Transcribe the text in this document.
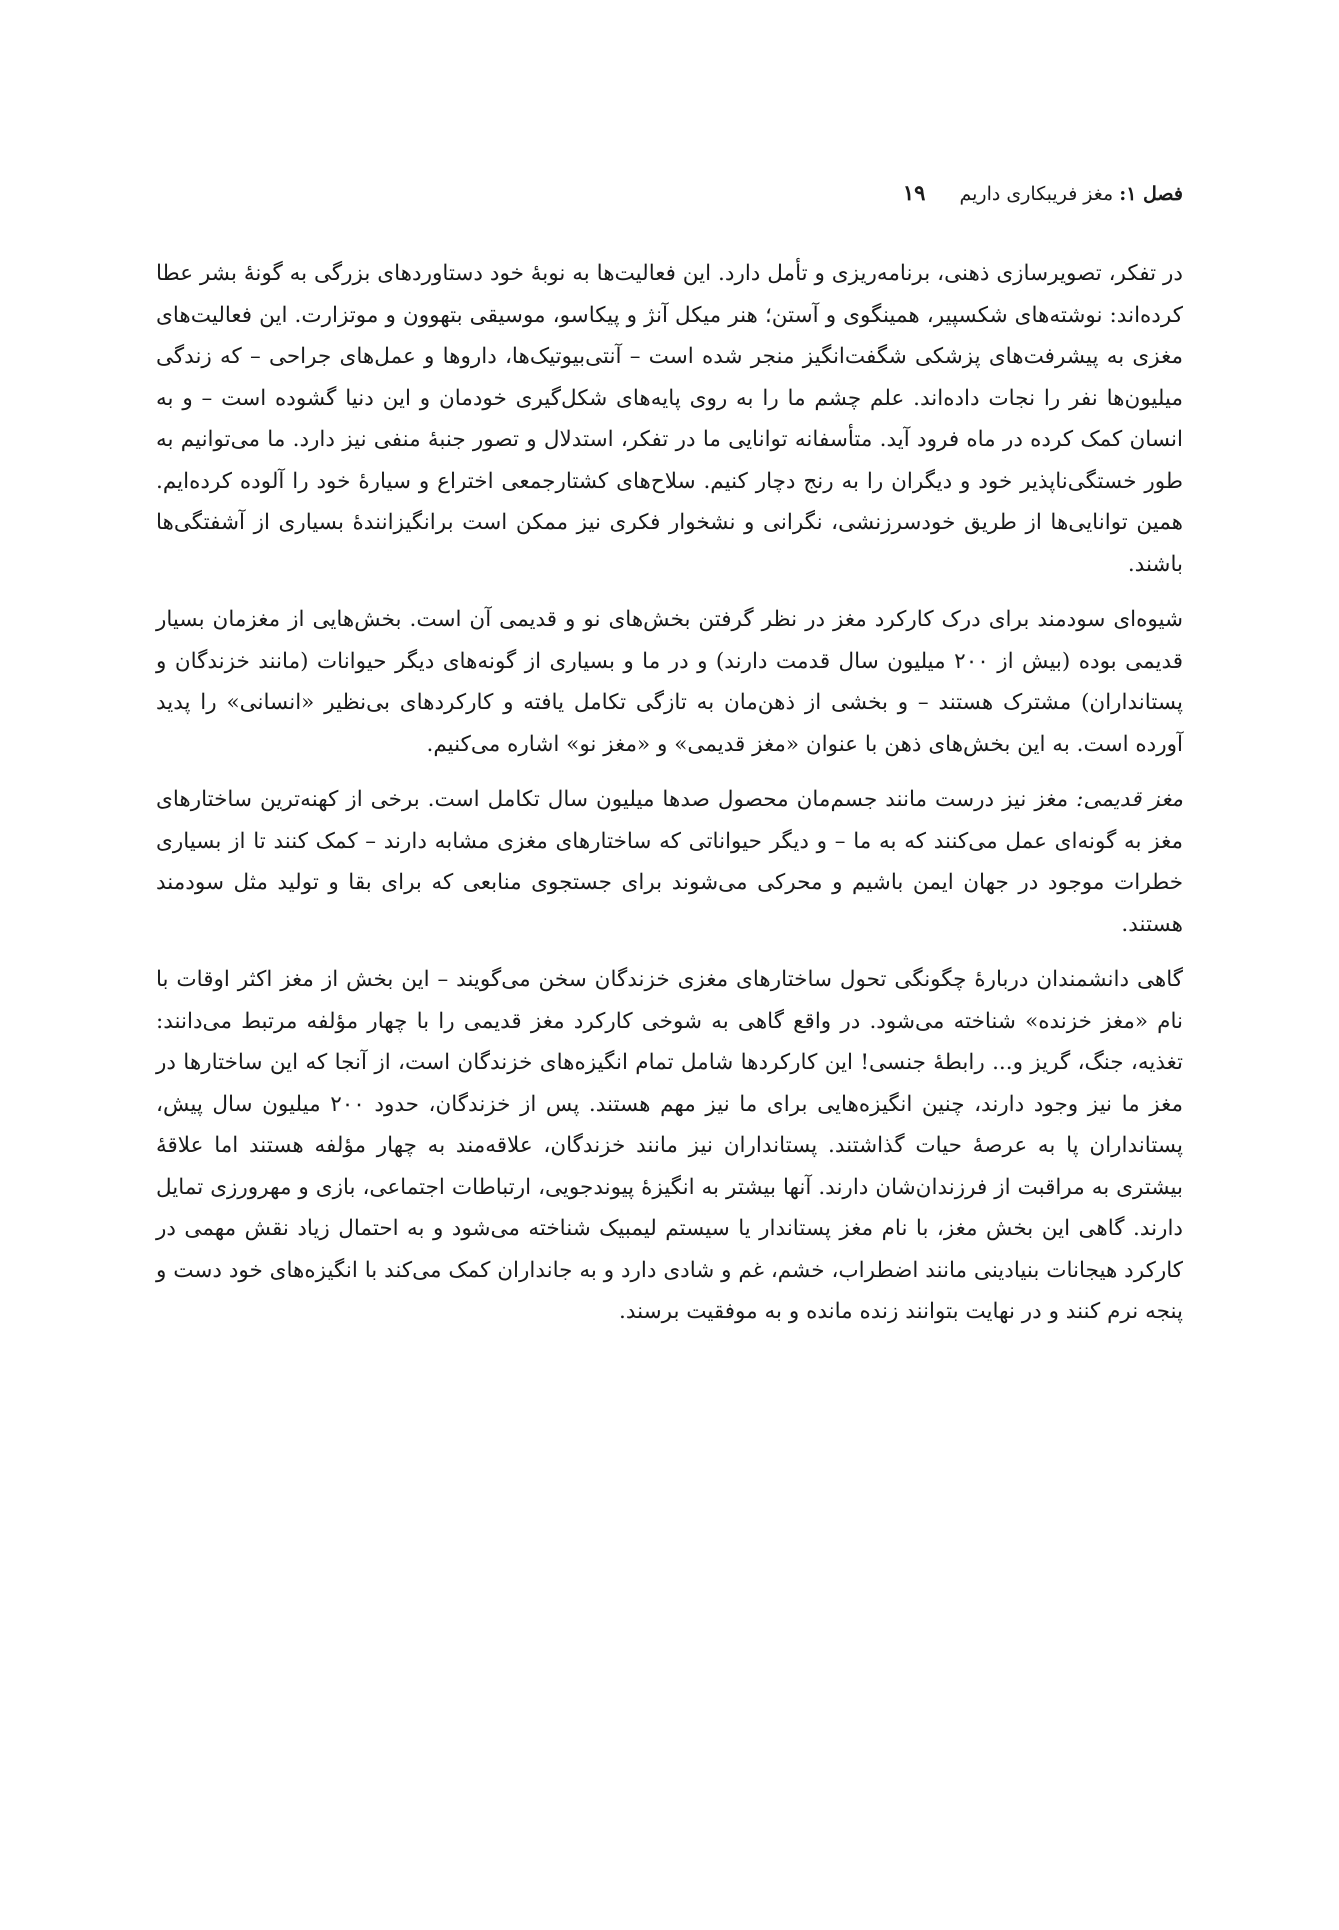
فصل ۱: مغز فریبکاری داریم
۱۹

در تفکر، تصویرسازی ذهنی، برنامه‌ریزی و تأمل دارد. این فعالیت‌ها به نوبهٔ خود دستاوردهای بزرگی به گونهٔ بشر عطا کرده‌اند: نوشته‌های شکسپیر، همینگوی و آستن؛ هنر میکل آنژ و پیکاسو، موسیقی بتهوون و موتزارت. این فعالیت‌های مغزی به پیشرفت‌های پزشکی شگفت‌انگیز منجر شده است – آنتی‌بیوتیک‌ها، داروها و عمل‌های جراحی – که زندگی میلیون‌ها نفر را نجات داده‌اند. علم چشم ما را به روی پایه‌های شکل‌گیری خودمان و این دنیا گشوده است – و به انسان کمک کرده در ماه فرود آید. متأسفانه توانایی ما در تفکر، استدلال و تصور جنبهٔ منفی نیز دارد. ما می‌توانیم به طور خستگی‌ناپذیر خود و دیگران را به رنج دچار کنیم. سلاح‌های کشتارجمعی اختراع و سیارهٔ خود را آلوده کرده‌ایم. همین توانایی‌ها از طریق خودسرزنشی، نگرانی و نشخوار فکری نیز ممکن است برانگیزانندهٔ بسیاری از آشفتگی‌ها باشند.

شیوه‌ای سودمند برای درک کارکرد مغز در نظر گرفتن بخش‌های نو و قدیمی آن است. بخش‌هایی از مغزمان بسیار قدیمی بوده (بیش از ۲۰۰ میلیون سال قدمت دارند) و در ما و بسیاری از گونه‌های دیگر حیوانات (مانند خزندگان و پستانداران) مشترک هستند – و بخشی از ذهن‌مان به تازگی تکامل یافته و کارکردهای بی‌نظیر «انسانی» را پدید آورده است. به این بخش‌های ذهن با عنوان «مغز قدیمی» و «مغز نو» اشاره می‌کنیم.

مغز قدیمی: مغز نیز درست مانند جسم‌مان محصول صدها میلیون سال تکامل است. برخی از کهنه‌ترین ساختارهای مغز به گونه‌ای عمل می‌کنند که به ما – و دیگر حیواناتی که ساختارهای مغزی مشابه دارند – کمک کنند تا از بسیاری خطرات موجود در جهان ایمن باشیم و محرکی می‌شوند برای جستجوی منابعی که برای بقا و تولید مثل سودمند هستند.

گاهی دانشمندان دربارهٔ چگونگی تحول ساختارهای مغزی خزندگان سخن می‌گویند – این بخش از مغز اکثر اوقات با نام «مغز خزنده» شناخته می‌شود. در واقع گاهی به شوخی کارکرد مغز قدیمی را با چهار مؤلفه مرتبط می‌دانند: تغذیه، جنگ، گریز و... رابطهٔ جنسی! این کارکردها شامل تمام انگیزه‌های خزندگان است، از آنجا که این ساختارها در مغز ما نیز وجود دارند، چنین انگیزه‌هایی برای ما نیز مهم هستند. پس از خزندگان، حدود ۲۰۰ میلیون سال پیش، پستانداران پا به عرصهٔ حیات گذاشتند. پستانداران نیز مانند خزندگان، علاقه‌مند به چهار مؤلفه هستند اما علاقهٔ بیشتری به مراقبت از فرزندان‌شان دارند. آنها بیشتر به انگیزهٔ پیوندجویی، ارتباطات اجتماعی، بازی و مهرورزی تمایل دارند. گاهی این بخش مغز، با نام مغز پستاندار یا سیستم لیمبیک شناخته می‌شود و به احتمال زیاد نقش مهمی در کارکرد هیجانات بنیادینی مانند اضطراب، خشم، غم و شادی دارد و به جانداران کمک می‌کند با انگیزه‌های خود دست و پنجه نرم کنند و در نهایت بتوانند زنده مانده و به موفقیت برسند.
